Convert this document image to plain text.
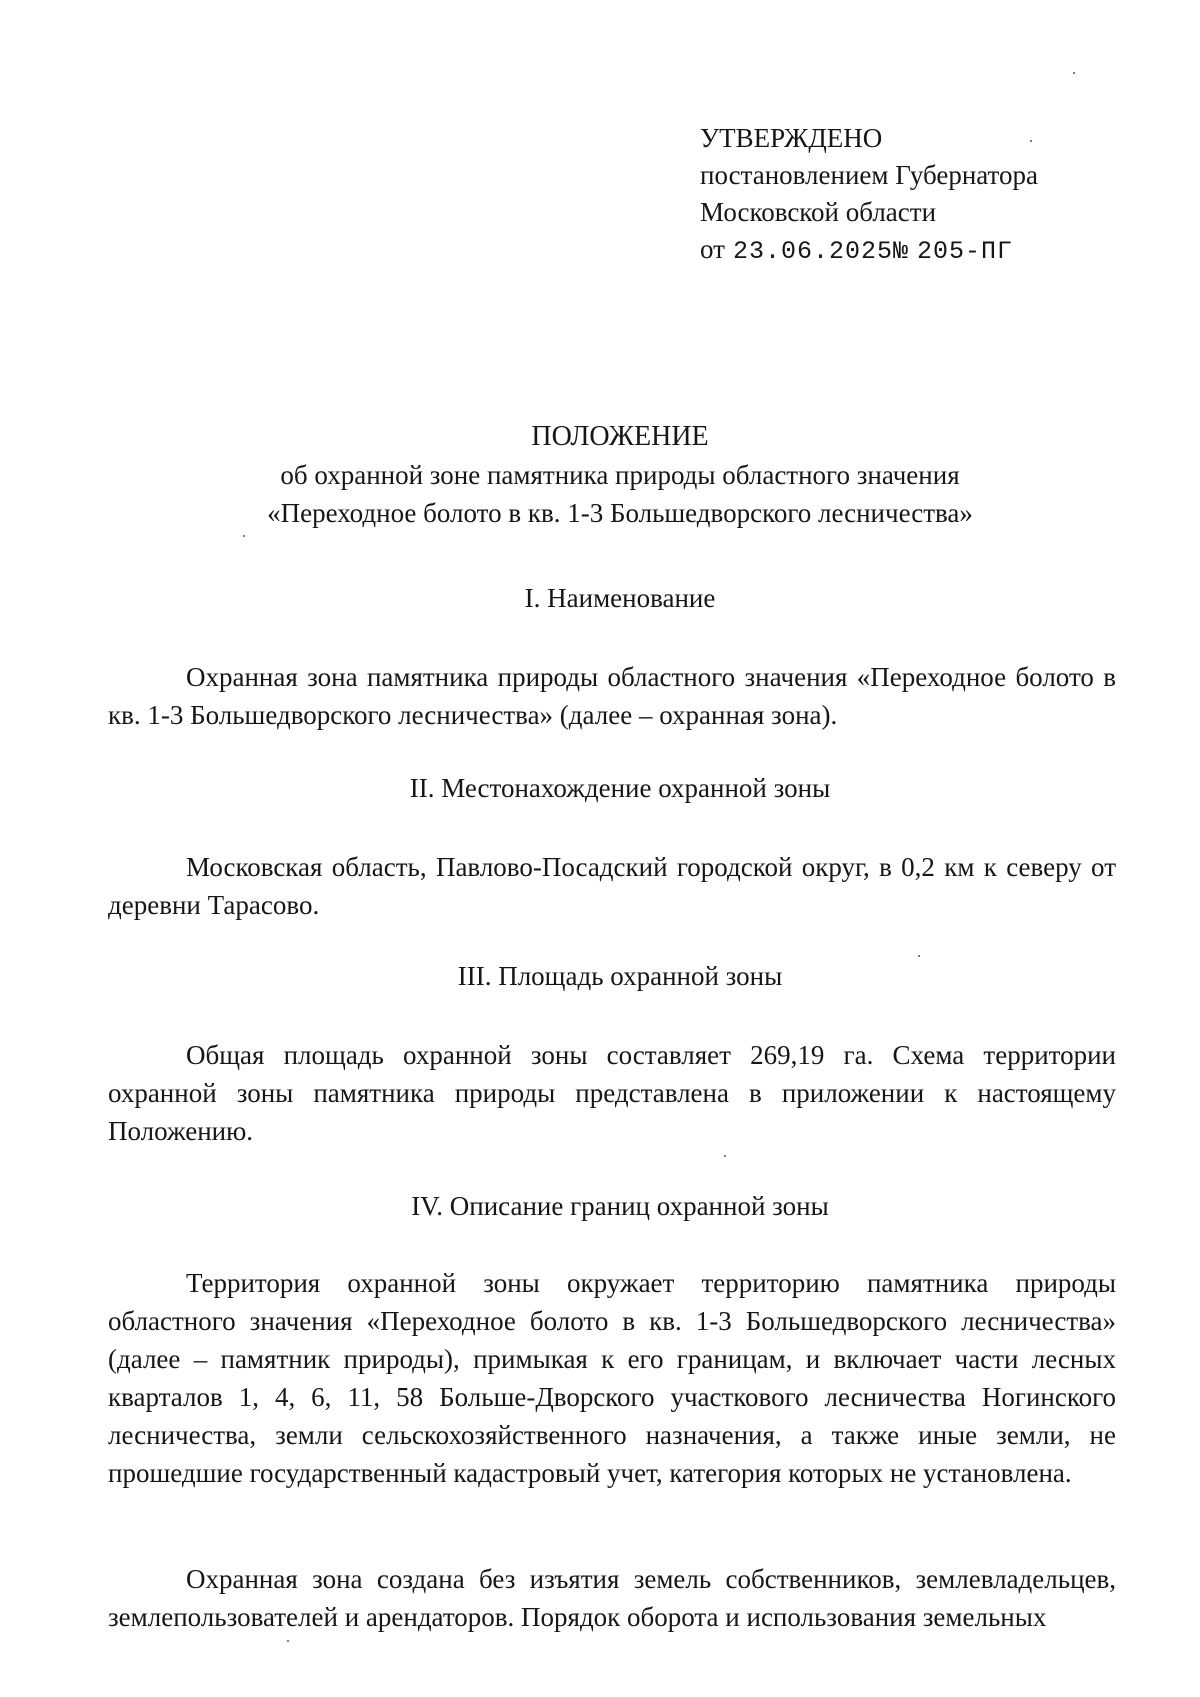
УТВЕРЖДЕНО
постановлением Губернатора
Московской области
от 23.06.2025№ 205-ПГ
ПОЛОЖЕНИЕ
об охранной зоне памятника природы областного значения
«Переходное болото в кв. 1-3 Большедворского лесничества»
I. Наименование
Охранная зона памятника природы областного значения «Переходное болото в кв. 1-3 Большедворского лесничества» (далее – охранная зона).
II. Местонахождение охранной зоны
Московская область, Павлово-Посадский городской округ, в 0,2 км к северу от деревни Тарасово.
III. Площадь охранной зоны
Общая площадь охранной зоны составляет 269,19 га. Схема территории охранной зоны памятника природы представлена в приложении к настоящему Положению.
IV. Описание границ охранной зоны
Территория охранной зоны окружает территорию памятника природы областного значения «Переходное болото в кв. 1-3 Большедворского лесничества» (далее – памятник природы), примыкая к его границам, и включает части лесных кварталов 1, 4, 6, 11, 58 Больше-Дворского участкового лесничества Ногинского лесничества, земли сельскохозяйственного назначения, а также иные земли, не прошедшие государственный кадастровый учет, категория которых не установлена.
Охранная зона создана без изъятия земель собственников, землевладельцев, землепользователей и арендаторов. Порядок оборота и использования земельных
